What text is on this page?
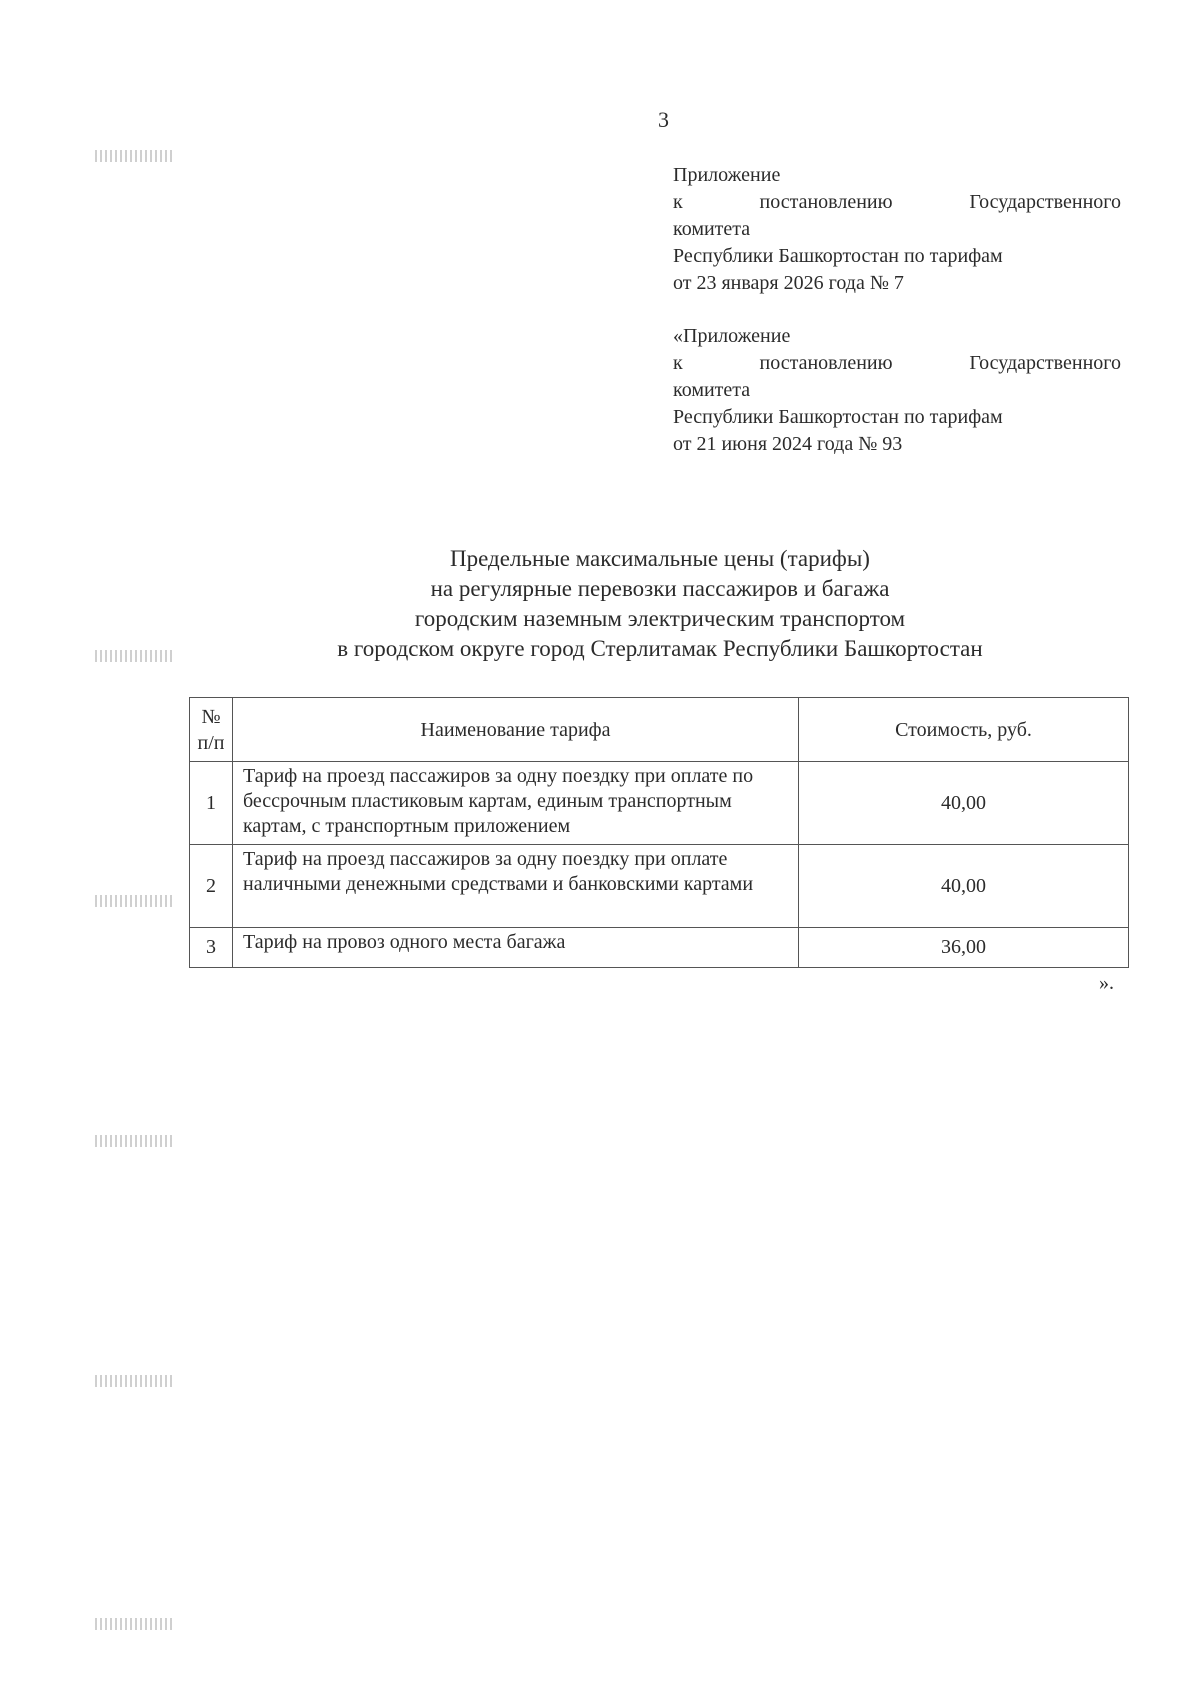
3
Приложение
к	постановлению	Государственного
комитета
Республики Башкортостан по тарифам
от 23 января 2026 года № 7
«Приложение
к	постановлению	Государственного
комитета
Республики Башкортостан по тарифам
от 21 июня 2024 года № 93
Предельные максимальные цены (тарифы)
на регулярные перевозки пассажиров и багажа
городским наземным электрическим транспортом
в городском округе город Стерлитамак Республики Башкортостан
№ п/п	Наименование тарифа	Стоимость, руб.
1	Тариф на проезд пассажиров за одну поездку при оплате по бессрочным пластиковым картам, единым транспортным картам, с транспортным приложением	40,00
2	Тариф на проезд пассажиров за одну поездку при оплате наличными денежными средствами и банковскими картами	40,00
3	Тариф на провоз одного места багажа	36,00
».
